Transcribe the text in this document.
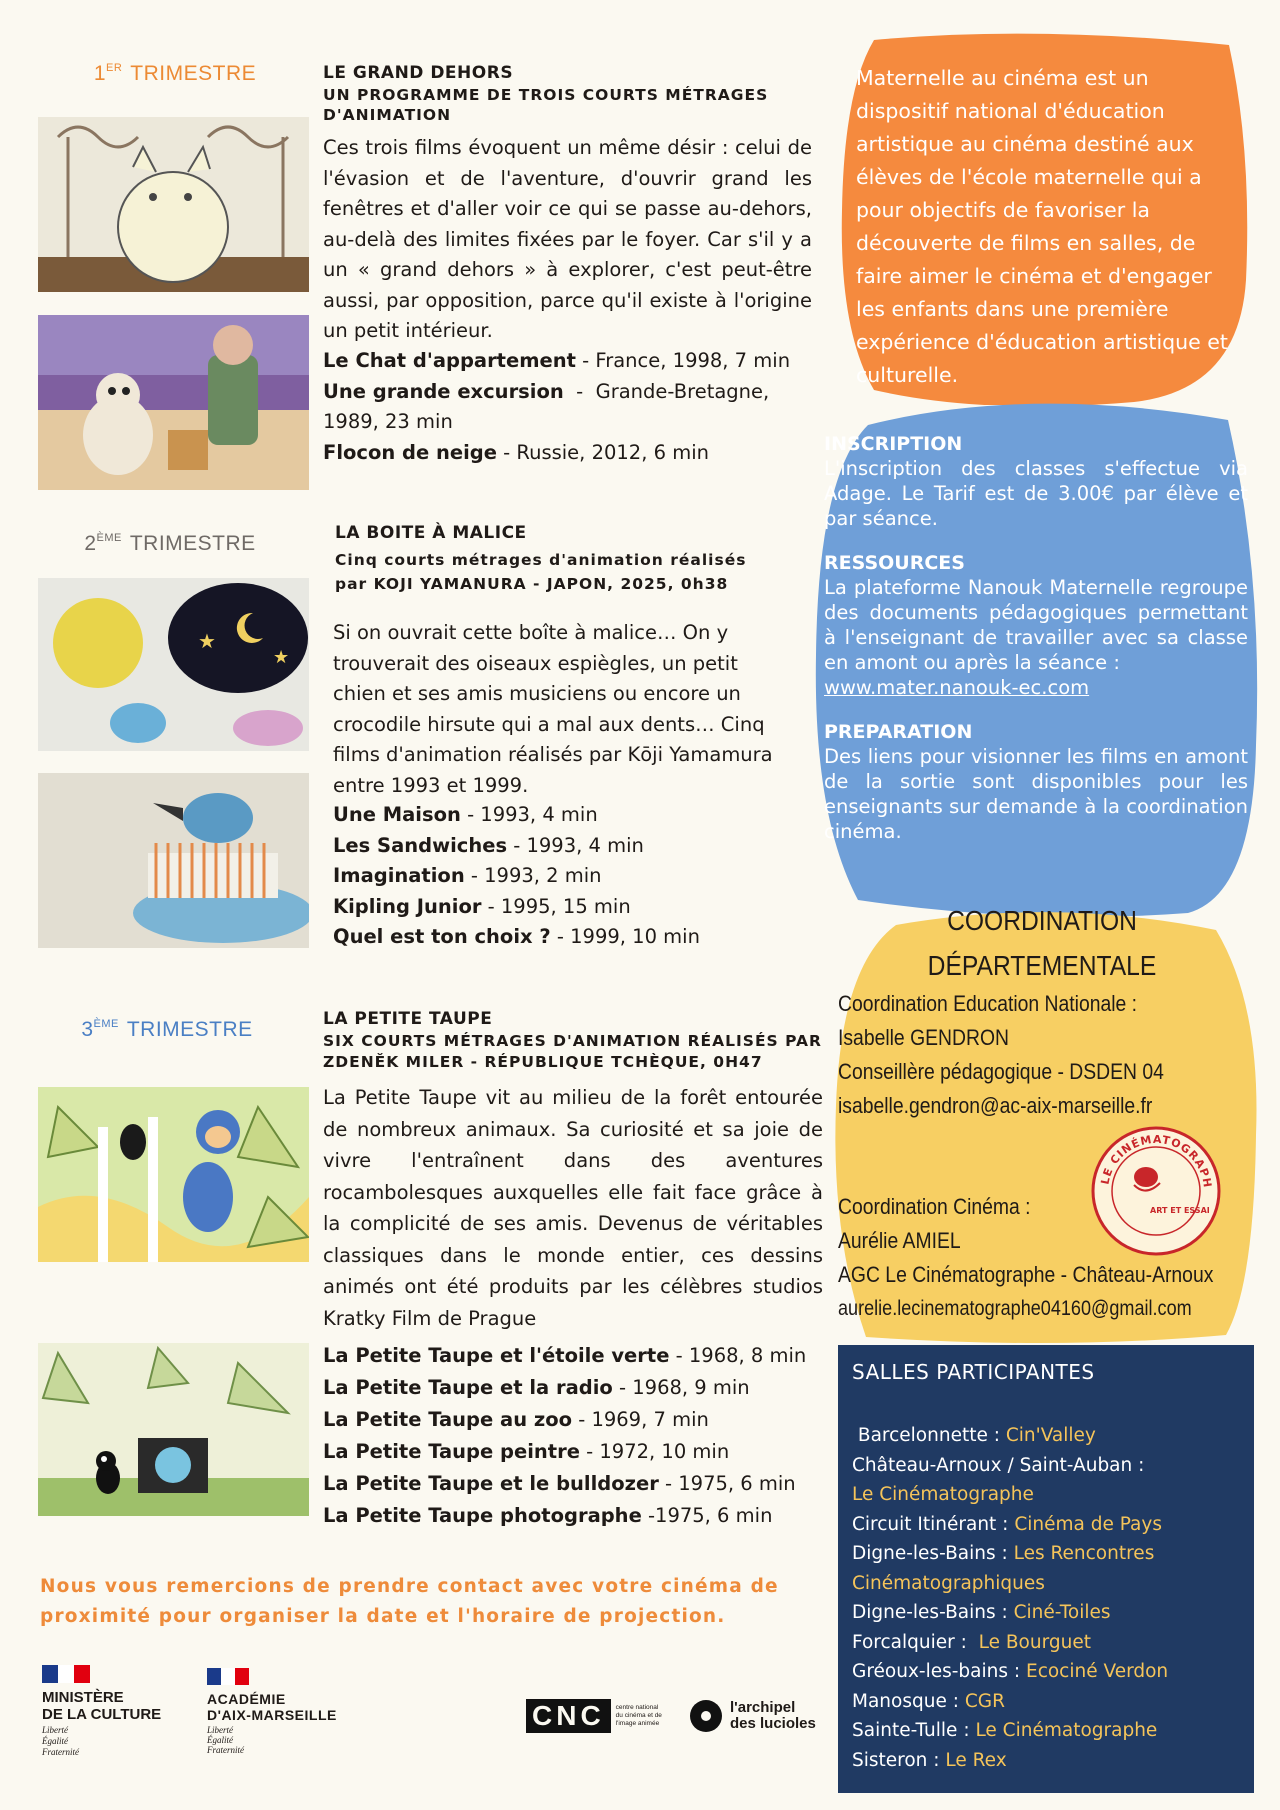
1ER TRIMESTRE	LE GRAND DEHORS
UN PROGRAMME DE TROIS COURTS MÉTRAGES D'ANIMATION
Ces trois films évoquent un même désir : celui de l'évasion et de l'aventure, d'ouvrir grand les fenêtres et d'aller voir ce qui se passe au-dehors, au-delà des limites fixées par le foyer. Car s'il y a un « grand dehors » à explorer, c'est peut-être aussi, par opposition, parce qu'il existe à l'origine un petit intérieur.
Le Chat d'appartement - France, 1998, 7 min
Une grande excursion  -  Grande-Bretagne,
1989, 23 min
Flocon de neige - Russie, 2012, 6 min
2ÈME TRIMESTRE	LA BOITE À MALICE
Cinq courts métrages d'animation réalisés
par KOJI YAMANURA - JAPON, 2025, 0h38
★
★
Si on ouvrait cette boîte à malice… On y trouverait des oiseaux espiègles, un petit chien et ses amis musiciens ou encore un crocodile hirsute qui a mal aux dents… Cinq films d'animation réalisés par Kōji Yamamura entre 1993 et 1999.
Une Maison - 1993, 4 min
Les Sandwiches - 1993, 4 min
Imagination - 1993, 2 min
Kipling Junior - 1995, 15 min
Quel est ton choix ? - 1999, 10 min
3ÈME TRIMESTRE	LA PETITE TAUPE
SIX COURTS MÉTRAGES D'ANIMATION RÉALISÉS PAR
ZDENĚK MILER - RÉPUBLIQUE TCHÈQUE, 0H47
La Petite Taupe vit au milieu de la forêt entourée de nombreux animaux. Sa curiosité et sa joie de vivre l'entraînent dans des aventures rocambolesques auxquelles elle fait face grâce à la complicité de ses amis. Devenus de véritables classiques dans le monde entier, ces dessins animés ont été produits par les célèbres studios Kratky Film de Prague
La Petite Taupe et l'étoile verte - 1968, 8 min
La Petite Taupe et la radio - 1968, 9 min
La Petite Taupe au zoo - 1969, 7 min
La Petite Taupe peintre - 1972, 10 min
La Petite Taupe et le bulldozer - 1975, 6 min
La Petite Taupe photographe -1975, 6 min
Nous vous remercions de prendre contact avec votre cinéma de proximité pour organiser la date et l'horaire de projection.
MINISTÈRE
DE LA CULTURE
Liberté
Égalité
Fraternité
ACADÉMIE
D'AIX-MARSEILLE
Liberté
Égalité
Fraternité
CNC	centre national
du cinéma et de
l'image animée
l'archipel
des lucioles
Maternelle au cinéma est un dispositif national d'éducation artistique au cinéma destiné aux élèves de l'école maternelle qui a pour objectifs de favoriser la découverte de films en salles, de faire aimer le cinéma et d'engager les enfants dans une première expérience d'éducation artistique et culturelle.
INSCRIPTION
L'inscription des classes s'effectue via Adage. Le Tarif est de 3.00€ par élève et par séance.
RESSOURCES
La plateforme Nanouk Maternelle regroupe des documents pédagogiques permettant à l'enseignant de travailler avec sa classe en amont ou après la séance :
www.mater.nanouk-ec.com
PREPARATION
Des liens pour visionner les films en amont de la sortie sont disponibles pour les enseignants sur demande à la coordination cinéma.
COORDINATION
DÉPARTEMENTALE
Coordination Education Nationale :
Isabelle GENDRON
Conseillère pédagogique - DSDEN 04
isabelle.gendron@ac-aix-marseille.fr
Coordination Cinéma :
Aurélie AMIEL
AGC Le Cinématographe - Château-Arnoux
aurelie.lecinematographe04160@gmail.com
LE CINÉMATOGRAPH
ART ET ESSAI
SALLES PARTICIPANTES
Barcelonnette : Cin'Valley
Château-Arnoux / Saint-Auban :
Le Cinématographe
Circuit Itinérant : Cinéma de Pays
Digne-les-Bains : Les Rencontres
Cinématographiques
Digne-les-Bains : Ciné-Toiles
Forcalquier :  Le Bourguet
Gréoux-les-bains : Ecociné Verdon
Manosque : CGR
Sainte-Tulle : Le Cinématographe
Sisteron : Le Rex
